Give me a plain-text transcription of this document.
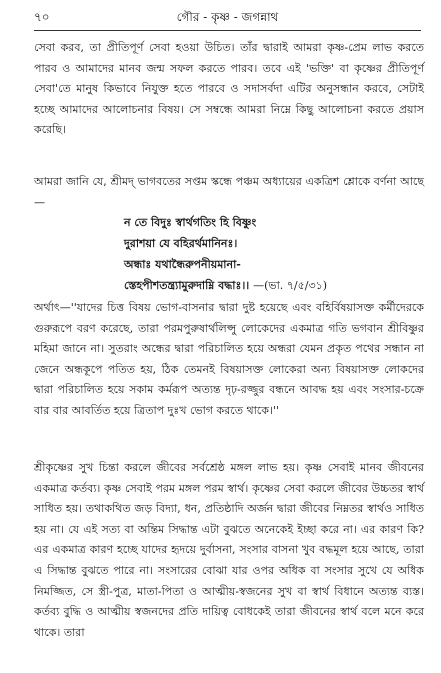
৭০	গৌর - কৃষ্ণ - জগন্নাথ

সেবা করব, তা প্রীতিপূর্ণ সেবা হওয়া উচিত। তাঁর দ্বারাই আমরা কৃষ্ণ-প্রেম লাভ করতে পারব ও আমাদের মানব জন্ম সফল করতে পারব। তবে এই 'ভক্তি' বা কৃষ্ণের প্রীতিপূর্ণ সেবা'তে মানুষ কিভাবে নিযুক্ত হতে পারবে ও সদাসর্বদা এটির অনুসন্ধান করবে, সেটাই হচ্ছে আমাদের আলোচনার বিষয়। সে সম্বন্ধে আমরা নিম্নে কিছু আলোচনা করতে প্রয়াস করেছি।

আমরা জানি যে, শ্রীমদ্ ভাগবতের সপ্তম স্কন্ধে পঞ্চম অধ্যায়ের একত্রিশ শ্লোকে বর্ণনা আছে—

ন তে বিদুঃ স্বার্থগতিং হি বিষ্ণুং
দুরাশয়া যে বহিরর্থমানিনঃ।
অন্ধাঃ যথান্ধৈরুপনীয়মানা-
স্তেহপীশতন্ত্র্যামুরুদাম্নি বদ্ধাঃ।। —(ভা. ৭/৫/৩১)

অর্থাৎ—''যাদের চিত্ত বিষয় ভোগ-বাসনার দ্বারা দুষ্ট হয়েছে এবং বহির্বিষয়াসক্ত কর্মীদেরকে গুরুরূপে বরণ করেছে, তারা পরমপুরুষার্থলিপ্সু লোকেদের একমাত্র গতি ভগবান শ্রীবিষ্ণুর মহিমা জানে না। সুতরাং অন্ধের দ্বারা পরিচালিত হয়ে অন্ধরা যেমন প্রকৃত পথের সন্ধান না জেনে অন্ধকূপে পতিত হয়, ঠিক তেমনই বিষয়াসক্ত লোকেরা অন্য বিষয়াসক্ত লোকদের দ্বারা পরিচালিত হয়ে সকাম কর্মরূপ অত্যন্ত দৃঢ়-রজ্জুর বন্ধনে আবদ্ধ হয় এবং সংসার-চক্রে বার বার আবর্তিত হয়ে ত্রিতাপ দুঃখ ভোগ করতে থাকে।''

শ্রীকৃষ্ণের সুখ চিন্তা করলে জীবের সর্বশ্রেষ্ঠ মঙ্গল লাভ হয়। কৃষ্ণ সেবাই মানব জীবনের একমাত্র কর্তব্য। কৃষ্ণ সেবাই পরম মঙ্গল পরম স্বার্থ। কৃষ্ণের সেবা করলে জীবের উচ্চতর স্বার্থ সাধিত হয়। তথাকথিত জড় বিদ্যা, ধন, প্রতিষ্ঠাদি অর্জন দ্বারা জীবের নিম্নতর স্বার্থও সাধিত হয় না। যে এই সত্য বা অন্তিম সিদ্ধান্ত এটা বুঝতে অনেকেই ইচ্ছা করে না। এর কারণ কি? এর একমাত্র কারণ হচ্ছে যাদের হৃদয়ে দুর্বাসনা, সংসার বাসনা খুব বদ্ধমূল হয়ে আছে, তারা এ সিদ্ধান্ত বুঝতে পারে না। সংসারের বোঝা যার ওপর অধিক বা সংসার সুখে যে অধিক নিমজ্জিত, সে স্ত্রী-পুত্র, মাতা-পিতা ও আত্মীয়-স্বজনের সুখ বা স্বার্থ বিধানে অত্যন্ত ব্যস্ত। কর্তব্য বুদ্ধি ও আত্মীয় স্বজনদের প্রতি দায়িত্ব বোধকেই তারা জীবনের স্বার্থ বলে মনে করে থাকে। তারা
